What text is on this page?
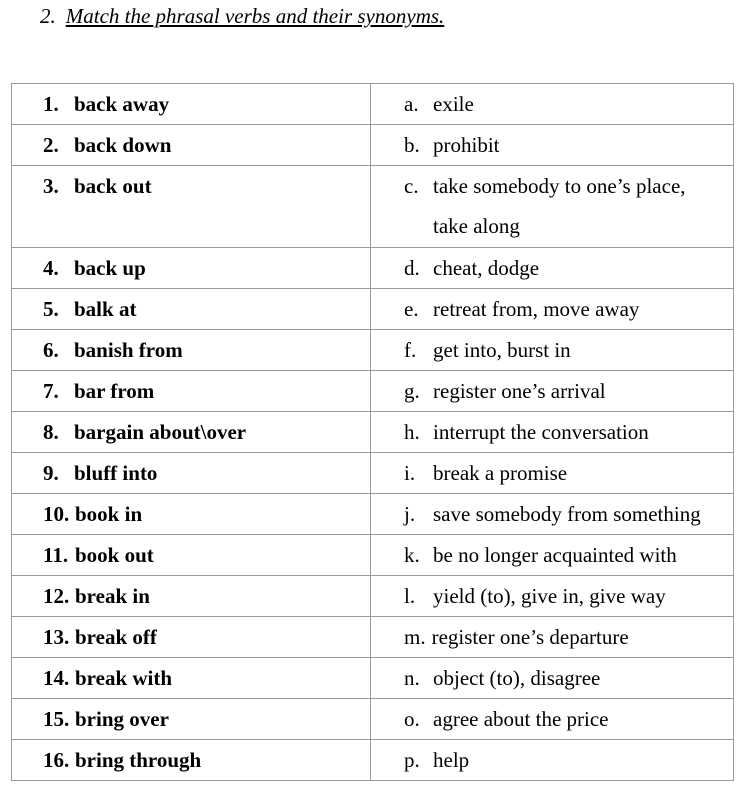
2. Match the phrasal verbs and their synonyms.
1. back away	a. exile
2. back down	b. prohibit
3. back out	c. take somebody to one’s place,
take along

4. back up	d. cheat, dodge
5. balk at	e. retreat from, move away
6. banish from	f. get into, burst in
7. bar from	g. register one’s arrival
8. bargain about\over	h. interrupt the conversation
9. bluff into	i. break a promise
10. book in	j. save somebody from something
11. book out	k. be no longer acquainted with
12. break in	l. yield (to), give in, give way
13. break off	m. register one’s departure
14. break with	n. object (to), disagree
15. bring over	o. agree about the price
16. bring through	p. help
